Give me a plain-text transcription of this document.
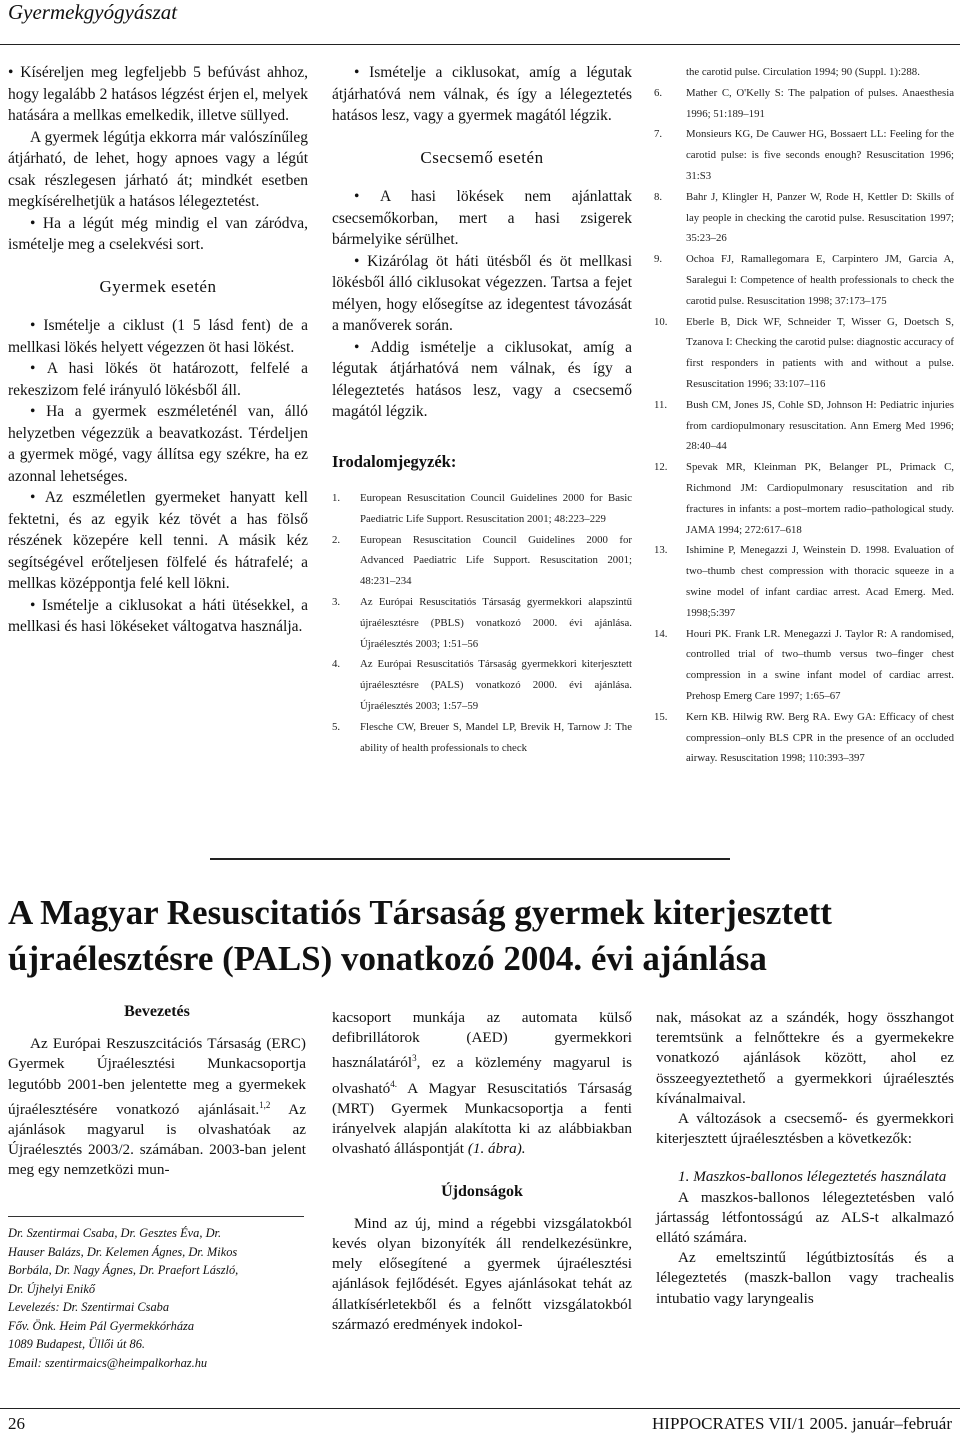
Gyermekgyógyászat

• Kíséreljen meg legfeljebb 5 befúvást ahhoz, hogy legalább 2 hatásos légzést érjen el, melyek hatására a mellkas emelkedik, illetve süllyed.

A gyermek légútja ekkorra már valószínűleg átjárható, de lehet, hogy apnoes vagy a légút csak részlegesen járható át; mindkét esetben megkísérelhetjük a hatásos lélegeztetést.

• Ha a légút még mindig el van záródva, ismételje meg a cselekvési sort.

Gyermek esetén

• Ismételje a ciklust (1 5 lásd fent) de a mellkasi lökés helyett végezzen öt hasi lökést.

• A hasi lökés öt határozott, felfelé a rekeszizom felé irányuló lökésből áll.

• Ha a gyermek eszméleténél van, álló helyzetben végezzük a beavatkozást. Térdeljen a gyermek mögé, vagy állítsa egy székre, ha ez azonnal lehetséges.

• Az eszméletlen gyermeket hanyatt kell fektetni, és az egyik kéz tövét a has fölső részének közepére kell tenni. A másik kéz segítségével erőteljesen fölfelé és hátrafelé; a mellkas középpontja felé kell lökni.

• Ismételje a ciklusokat a háti ütésekkel, a mellkasi és hasi lökéseket váltogatva használja.

• Ismételje a ciklusokat, amíg a légutak átjárhatóvá nem válnak, és így a lélegeztetés hatásos lesz, vagy a gyermek magától légzik.

Csecsemő esetén

• A hasi lökések nem ajánlattak csecsemőkorban, mert a hasi zsigerek bármelyike sérülhet.

• Kizárólag öt háti ütésből és öt mellkasi lökésből álló ciklusokat végezzen. Tartsa a fejet mélyen, hogy elősegítse az idegentest távozását a manőverek során.

• Addig ismételje a ciklusokat, amíg a légutak átjárhatóvá nem válnak, és így a lélegeztetés hatásos lesz, vagy a csecsemő magától légzik.

Irodalomjegyzék:
1. European Resuscitation Council Guidelines 2000 for Basic Paediatric Life Support. Resuscitation 2001; 48:223–229
2. European Resuscitation Council Guidelines 2000 for Advanced Paediatric Life Support. Resuscitation 2001; 48:231–234
3. Az Európai Resuscitatiós Társaság gyermekkori alapszintű újraélesztésre (PBLS) vonatkozó 2000. évi ajánlása. Újraélesztés 2003; 1:51–56
4. Az Európai Resuscitatiós Társaság gyermekkori kiterjesztett újraélesztésre (PALS) vonatkozó 2000. évi ajánlása. Újraélesztés 2003; 1:57–59
5. Flesche CW, Breuer S, Mandel LP, Brevik H, Tarnow J: The ability of health professionals to check
the carotid pulse. Circulation 1994; 90 (Suppl. 1):288.
6. Mather C, O'Kelly S: The palpation of pulses. Anaesthesia 1996; 51:189–191
7. Monsieurs KG, De Cauwer HG, Bossaert LL: Feeling for the carotid pulse: is five seconds enough? Resuscitation 1996; 31:S3
8. Bahr J, Klingler H, Panzer W, Rode H, Kettler D: Skills of lay people in checking the carotid pulse. Resuscitation 1997; 35:23–26
9. Ochoa FJ, Ramallegomara E, Carpintero JM, Garcia A, Saralegui I: Competence of health professionals to check the carotid pulse. Resuscitation 1998; 37:173–175
10. Eberle B, Dick WF, Schneider T, Wisser G, Doetsch S, Tzanova I: Checking the carotid pulse: diagnostic accuracy of first responders in patients with and without a pulse. Resuscitation 1996; 33:107–116
11. Bush CM, Jones JS, Cohle SD, Johnson H: Pediatric injuries from cardiopulmonary resuscitation. Ann Emerg Med 1996; 28:40–44
12. Spevak MR, Kleinman PK, Belanger PL, Primack C, Richmond JM: Cardiopulmonary resuscitation and rib fractures in infants: a post–mortem radio–pathological study. JAMA 1994; 272:617–618
13. Ishimine P, Menegazzi J, Weinstein D. 1998. Evaluation of two–thumb chest compression with thoracic squeeze in a swine model of infant cardiac arrest. Acad Emerg. Med. 1998;5:397
14. Houri PK. Frank LR. Menegazzi J. Taylor R: A randomised, controlled trial of two–thumb versus two–finger chest compression in a swine infant model of cardiac arrest. Prehosp Emerg Care 1997; 1:65–67
15. Kern KB. Hilwig RW. Berg RA. Ewy GA: Efficacy of chest compression–only BLS CPR in the presence of an occluded airway. Resuscitation 1998; 110:393–397
A Magyar Resuscitatiós Társaság gyermek kiterjesztett újraélesztésre (PALS) vonatkozó 2004. évi ajánlása
Bevezetés

Az Európai Reszuszcitációs Társaság (ERC) Gyermek Újraélesztési Munkacsoportja legutóbb 2001-ben jelentette meg a gyermekek újraélesztésére vonatkozó ajánlásait.$^{1,2}$ Az ajánlások magyarul is olvashatóak az Újraélesztés 2003/2. számában. 2003-ban jelent meg egy nemzetközi mun-

Dr. Szentirmai Csaba, Dr. Gesztes Éva, Dr.
Hauser Balázs, Dr. Kelemen Ágnes, Dr. Mikos
Borbála, Dr. Nagy Ágnes, Dr. Praefort László,
Dr. Újhelyi Enikő
Levelezés: Dr. Szentirmai Csaba
Főv. Önk. Heim Pál Gyermekkórháza
1089 Budapest, Üllői út 86.
Email: szentirmaics@heimpalkorhaz.hu

kacsoport munkája az automata külső defibrillátorok (AED) gyermekkori használatáról$^3$, ez a közlemény magyarul is olvasható$^{4.}$ A Magyar Resuscitatiós Társaság (MRT) Gyermek Munkacsoportja a fenti irányelvek alapján alakította ki az alábbiakban olvasható álláspontját (1. ábra).

Újdonságok

Mind az új, mind a régebbi vizsgálatokból kevés olyan bizonyíték áll rendelkezésünkre, mely elősegítené a gyermek újraélesztési ajánlások fejlődését. Egyes ajánlásokat tehát az állatkísérletekből és a felnőtt vizsgálatokból származó eredmények indokol-

nak, másokat az a szándék, hogy összhangot teremtsünk a felnőttekre és a gyermekekre vonatkozó ajánlások között, ahol ez összeegyeztethető a gyermekkori újraélesztés kívánalmaival.

A változások a csecsemő- és gyermekkori kiterjesztett újraélesztésben a következők:

1. Maszkos-ballonos lélegeztetés használata

A maszkos-ballonos lélegeztetésben való jártasság létfontosságú az ALS-t alkalmazó ellátó számára.

Az emeltszintű légútbiztosítás és a lélegeztetés (maszk-ballon vagy trachealis intubatio vagy laryngealis

26	HIPPOCRATES VII/1 2005. január–február
